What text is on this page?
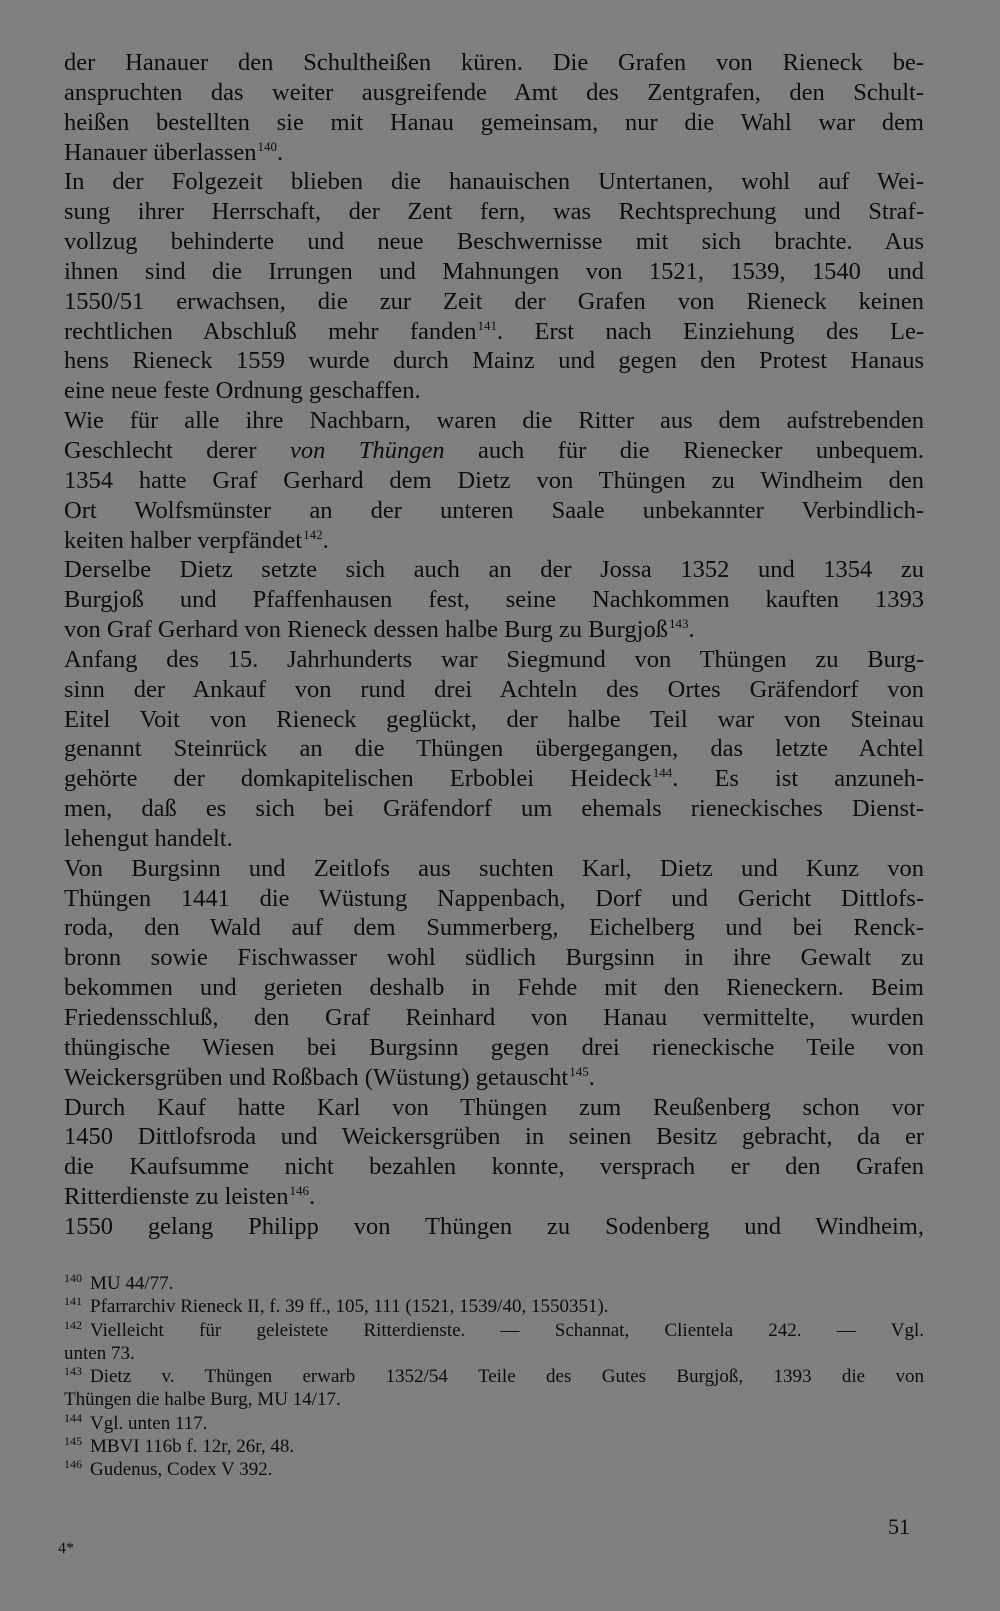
der Hanauer den Schultheißen küren. Die Grafen von Rieneck be-

anspruchten das weiter ausgreifende Amt des Zentgrafen, den Schult-

heißen bestellten sie mit Hanau gemeinsam, nur die Wahl war dem

Hanauer überlassen$^{140}$.

In der Folgezeit blieben die hanauischen Untertanen, wohl auf Wei-

sung ihrer Herrschaft, der Zent fern, was Rechtsprechung und Straf-

vollzug behinderte und neue Beschwernisse mit sich brachte. Aus

ihnen sind die Irrungen und Mahnungen von 1521, 1539, 1540 und

1550/51 erwachsen, die zur Zeit der Grafen von Rieneck keinen

rechtlichen Abschluß mehr fanden$^{141}$. Erst nach Einziehung des Le-

hens Rieneck 1559 wurde durch Mainz und gegen den Protest Hanaus

eine neue feste Ordnung geschaffen.

Wie für alle ihre Nachbarn, waren die Ritter aus dem aufstrebenden

Geschlecht derer von Thüngen auch für die Rienecker unbequem.

1354 hatte Graf Gerhard dem Dietz von Thüngen zu Windheim den

Ort Wolfsmünster an der unteren Saale unbekannter Verbindlich-

keiten halber verpfändet$^{142}$.

Derselbe Dietz setzte sich auch an der Jossa 1352 und 1354 zu

Burgjoß und Pfaffenhausen fest, seine Nachkommen kauften 1393

von Graf Gerhard von Rieneck dessen halbe Burg zu Burgjoß$^{143}$.

Anfang des 15. Jahrhunderts war Siegmund von Thüngen zu Burg-

sinn der Ankauf von rund drei Achteln des Ortes Gräfendorf von

Eitel Voit von Rieneck geglückt, der halbe Teil war von Steinau

genannt Steinrück an die Thüngen übergegangen, das letzte Achtel

gehörte der domkapitelischen Erboblei Heideck$^{144}$. Es ist anzuneh-

men, daß es sich bei Gräfendorf um ehemals rieneckisches Dienst-

lehengut handelt.

Von Burgsinn und Zeitlofs aus suchten Karl, Dietz und Kunz von

Thüngen 1441 die Wüstung Nappenbach, Dorf und Gericht Dittlofs-

roda, den Wald auf dem Summerberg, Eichelberg und bei Renck-

bronn sowie Fischwasser wohl südlich Burgsinn in ihre Gewalt zu

bekommen und gerieten deshalb in Fehde mit den Rieneckern. Beim

Friedensschluß, den Graf Reinhard von Hanau vermittelte, wurden

thüngische Wiesen bei Burgsinn gegen drei rieneckische Teile von

Weickersgrüben und Roßbach (Wüstung) getauscht$^{145}$.

Durch Kauf hatte Karl von Thüngen zum Reußenberg schon vor

1450 Dittlofsroda und Weickersgrüben in seinen Besitz gebracht, da er

die Kaufsumme nicht bezahlen konnte, versprach er den Grafen

Ritterdienste zu leisten$^{146}$.

1550 gelang Philipp von Thüngen zu Sodenberg und Windheim,

$^{140}$ MU 44/77.

$^{141}$ Pfarrarchiv Rieneck II, f. 39 ff., 105, 111 (1521, 1539/40, 1550351).

$^{142}$ Vielleicht für geleistete Ritterdienste. — Schannat, Clientela 242. — Vgl.

unten 73.

$^{143}$ Dietz v. Thüngen erwarb 1352/54 Teile des Gutes Burgjoß, 1393 die von

Thüngen die halbe Burg, MU 14/17.

$^{144}$ Vgl. unten 117.

$^{145}$ MBVI 116b f. 12r, 26r, 48.

$^{146}$ Gudenus, Codex V 392.

51
4*
